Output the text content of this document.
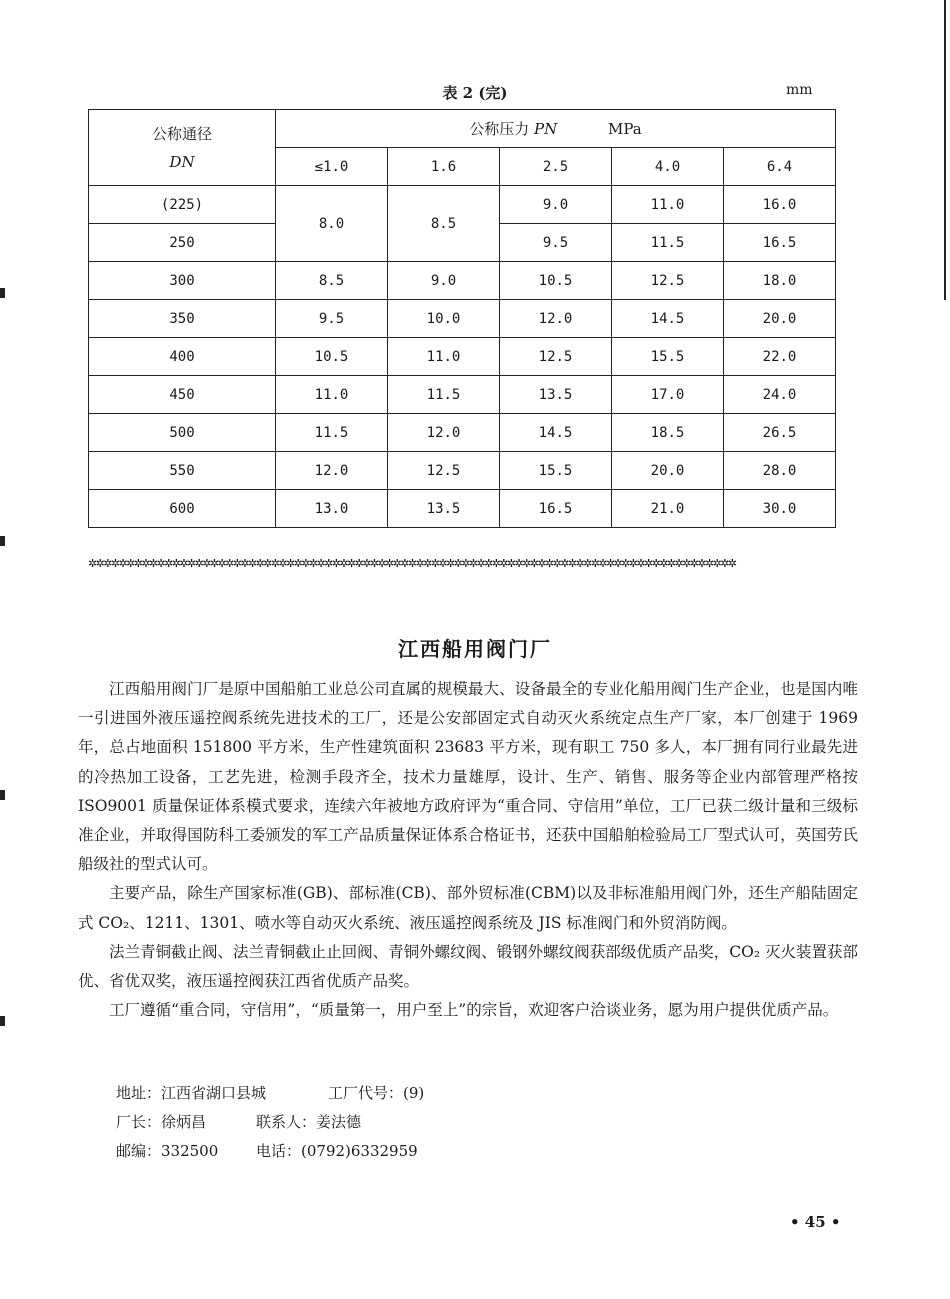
表 2 (完)	mm
公称通径
DN	公称压力 PN MPa				
	≤1.0	1.6	2.5	4.0	6.4
(225)	8.0	8.5	9.0	11.0	16.0
250			9.5	11.5	16.5
300	8.5	9.0	10.5	12.5	18.0
350	9.5	10.0	12.0	14.5	20.0
400	10.5	11.0	12.5	15.5	22.0
450	11.0	11.5	13.5	17.0	24.0
500	11.5	12.0	14.5	18.5	26.5
550	12.0	12.5	15.5	20.0	28.0
600	13.0	13.5	16.5	21.0	30.0
✲✲✲✲✲✲✲✲✲✲✲✲✲✲✲✲✲✲✲✲✲✲✲✲✲✲✲✲✲✲✲✲✲✲✲✲✲✲✲✲✲✲✲✲✲✲✲✲✲✲✲✲✲✲✲✲✲✲✲✲✲✲✲✲✲✲✲✲✲✲✲✲✲✲✲✲✲✲✲✲✲✲✲✲✲
江西船用阀门厂

江西船用阀门厂是原中国船舶工业总公司直属的规模最大、设备最全的专业化船用阀门生产企业，也是国内唯一引进国外液压遥控阀系统先进技术的工厂，还是公安部固定式自动灭火系统定点生产厂家，本厂创建于 1969 年，总占地面积 151800 平方米，生产性建筑面积 23683 平方米，现有职工 750 多人，本厂拥有同行业最先进的冷热加工设备，工艺先进，检测手段齐全，技术力量雄厚，设计、生产、销售、服务等企业内部管理严格按 ISO9001 质量保证体系模式要求，连续六年被地方政府评为“重合同、守信用”单位，工厂已获二级计量和三级标准企业，并取得国防科工委颁发的军工产品质量保证体系合格证书，还获中国船舶检验局工厂型式认可，英国劳氏船级社的型式认可。

主要产品，除生产国家标准(GB)、部标准(CB)、部外贸标准(CBM)以及非标准船用阀门外，还生产船陆固定式 CO₂、1211、1301、喷水等自动灭火系统、液压遥控阀系统及 JIS 标准阀门和外贸消防阀。

法兰青铜截止阀、法兰青铜截止止回阀、青铜外螺纹阀、锻钢外螺纹阀获部级优质产品奖，CO₂ 灭火装置获部优、省优双奖，液压遥控阀获江西省优质产品奖。

工厂遵循“重合同，守信用”，“质量第一，用户至上”的宗旨，欢迎客户洽谈业务，愿为用户提供优质产品。

地址：江西省湖口县城	工厂代号：(9)
厂长：徐炳昌	联系人：姜法德
邮编：332500	电话：(0792)6332959
• 45 •
